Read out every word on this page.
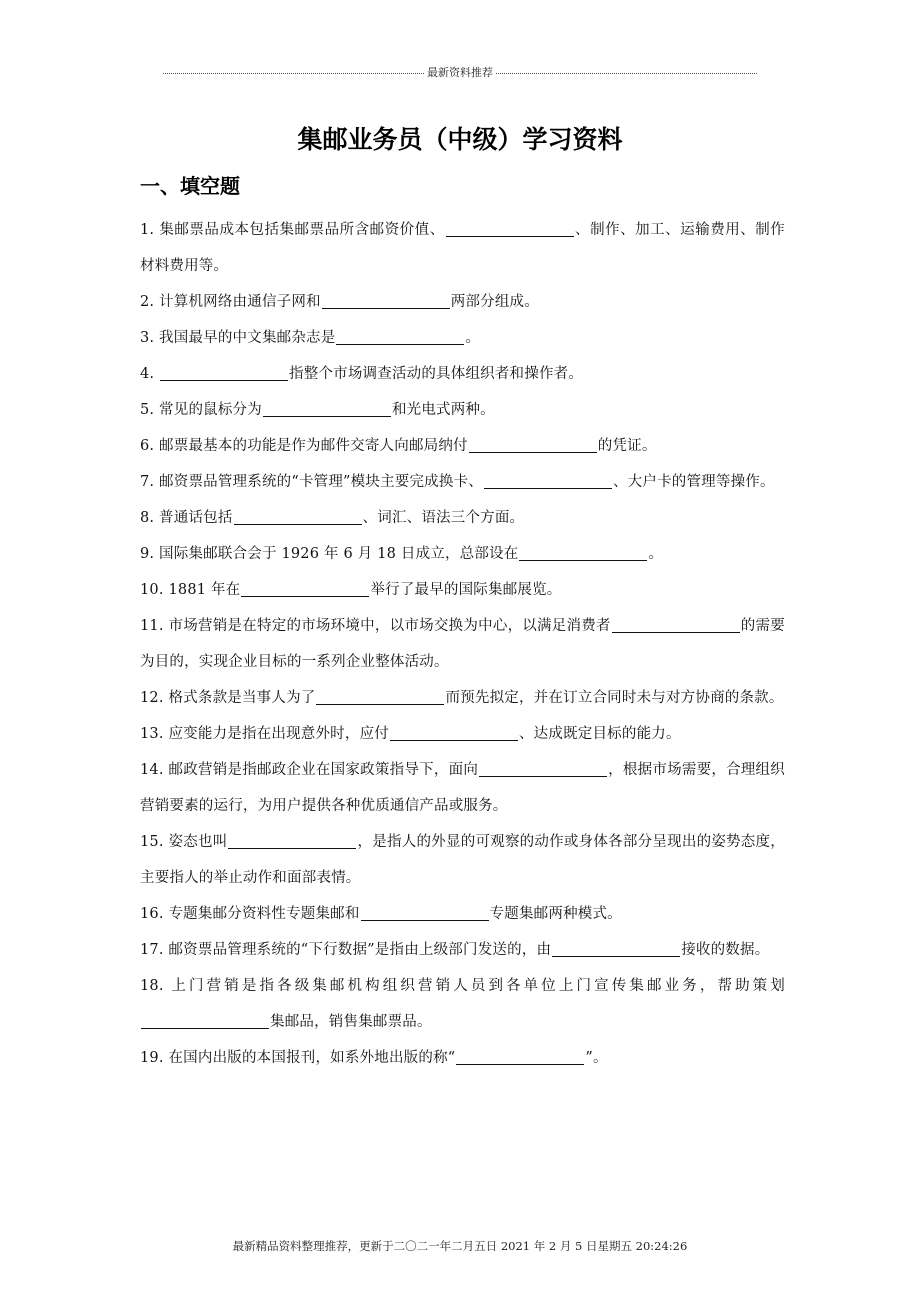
最新资料推荐
集邮业务员（中级）学习资料
一、填空题

1. 集邮票品成本包括集邮票品所含邮资价值、	、制作、加工、运输费用、制作材料费用等。

2. 计算机网络由通信子网和	两部分组成。

3. 我国最早的中文集邮杂志是	。

4.	指整个市场调查活动的具体组织者和操作者。

5. 常见的鼠标分为	和光电式两种。

6. 邮票最基本的功能是作为邮件交寄人向邮局纳付	的凭证。

7. 邮资票品管理系统的“卡管理”模块主要完成换卡、	、大户卡的管理等操作。

8. 普通话包括	、词汇、语法三个方面。

9. 国际集邮联合会于 1926 年 6 月 18 日成立，总部设在	。

10. 1881 年在	举行了最早的国际集邮展览。

11. 市场营销是在特定的市场环境中，以市场交换为中心，以满足消费者	的需要为目的，实现企业目标的一系列企业整体活动。

12. 格式条款是当事人为了	而预先拟定，并在订立合同时未与对方协商的条款。

13. 应变能力是指在出现意外时，应付	、达成既定目标的能力。

14. 邮政营销是指邮政企业在国家政策指导下，面向	，根据市场需要，合理组织营销要素的运行，为用户提供各种优质通信产品或服务。

15. 姿态也叫	，是指人的外显的可观察的动作或身体各部分呈现出的姿势态度，主要指人的举止动作和面部表情。

16. 专题集邮分资料性专题集邮和	专题集邮两种模式。

17. 邮资票品管理系统的“下行数据”是指由上级部门发送的，由	接收的数据。

18. 上门营销是指各级集邮机构组织营销人员到各单位上门宣传集邮业务，帮助策划集邮品，销售集邮票品。

19. 在国内出版的本国报刊，如系外地出版的称“	”。

最新精品资料整理推荐，更新于二〇二一年二月五日 2021 年 2 月 5 日星期五 20:24:26
